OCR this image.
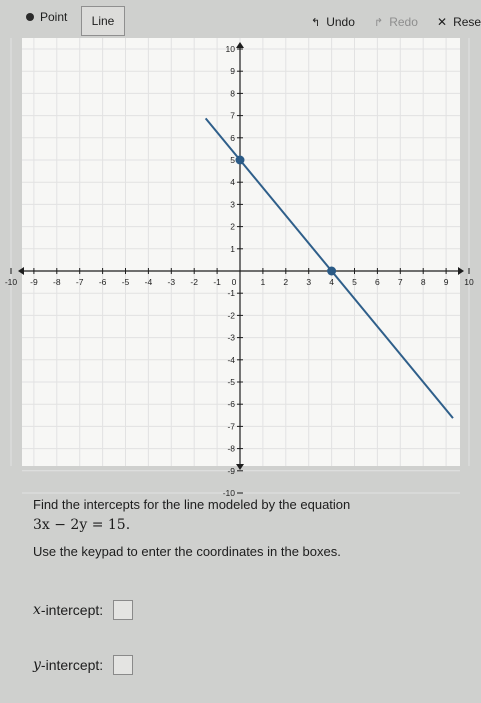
Point Line	↰ Undo ↱ Redo ✕ Rese
-10 -9 -8 -7 -6 -5 -4 -3 -2 -1 0	1 2 3 4 5 6 7 8 9 10
1
2
3
4
5
6
7
8
9
10
-1
-2
-3
-4
-5
-6
-7
-8
-9
-10
Find the intercepts for the line modeled by the equation
3x − 2y = 15.
Use the keypad to enter the coordinates in the boxes.
x -intercept:
y -intercept:
